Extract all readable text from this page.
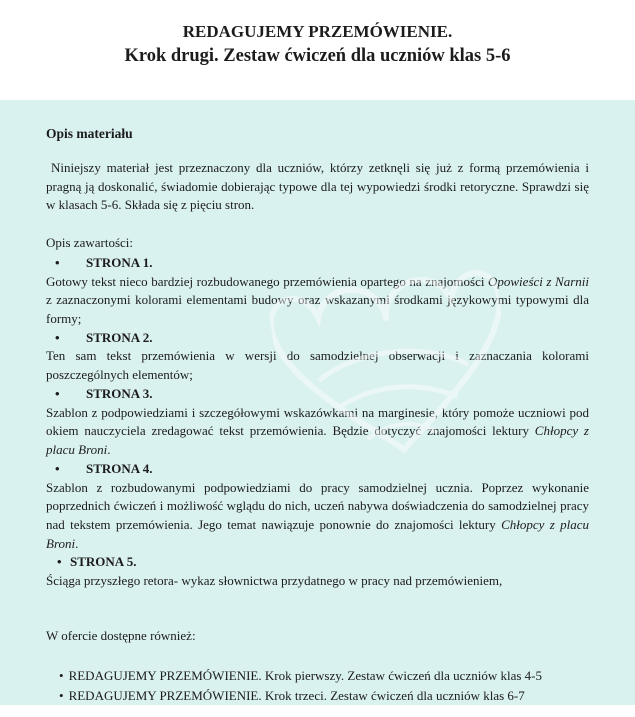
REDAGUJEMY PRZEMÓWIENIE.
Krok drugi. Zestaw ćwiczeń dla uczniów klas 5-6
Opis materiału

Niniejszy materiał jest przeznaczony dla uczniów, którzy zetknęli się już z formą przemówienia i pragną ją doskonalić, świadomie dobierając typowe dla tej wypowiedzi środki retoryczne. Sprawdzi się w klasach 5-6. Składa się z pięciu stron.

Opis zawartości:

•	STRONA 1.

Gotowy tekst nieco bardziej rozbudowanego przemówienia opartego na znajomości Opowieści z Narnii z zaznaczonymi kolorami elementami budowy oraz wskazanymi środkami językowymi typowymi dla formy;

•	STRONA 2.

Ten sam tekst przemówienia w wersji do samodzielnej obserwacji i zaznaczania kolorami poszczególnych elementów;

•	STRONA 3.

Szablon z podpowiedziami i szczegółowymi wskazówkami na marginesie, który pomoże uczniowi pod okiem nauczyciela zredagować tekst przemówienia. Będzie dotyczyć znajomości lektury Chłopcy z placu Broni.

•	STRONA 4.

Szablon z rozbudowanymi podpowiedziami do pracy samodzielnej ucznia. Poprzez wykonanie poprzednich ćwiczeń i możliwość wglądu do nich, uczeń nabywa doświadczenia do samodzielnej pracy nad tekstem przemówienia. Jego temat nawiązuje ponownie do znajomości lektury Chłopcy z placu Broni.

• STRONA 5.

Ściąga przyszłego retora- wykaz słownictwa przydatnego w pracy nad przemówieniem,

W ofercie dostępne również:

• REDAGUJEMY PRZEMÓWIENIE. Krok pierwszy. Zestaw ćwiczeń dla uczniów klas 4-5
• REDAGUJEMY PRZEMÓWIENIE. Krok trzeci. Zestaw ćwiczeń dla uczniów klas 6-7
